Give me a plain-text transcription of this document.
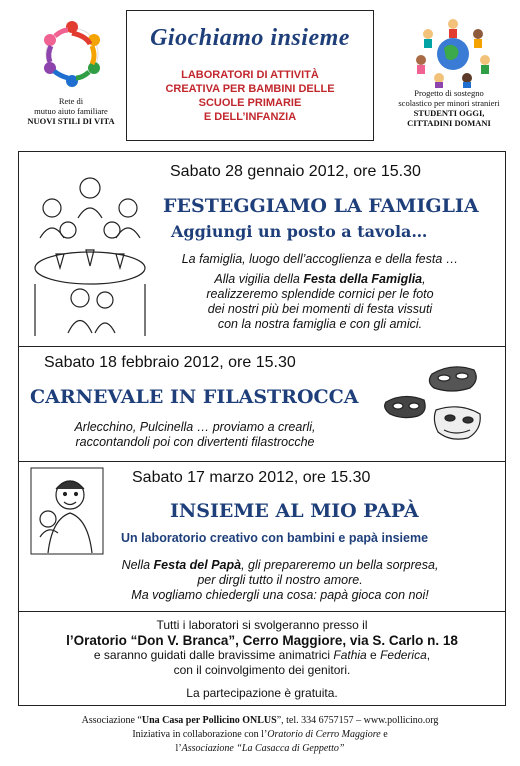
Rete di
mutuo aiuto familiare
NUOVI STILI DI VITA
Giochiamo insieme
LABORATORI DI ATTIVITÀ
CREATIVA PER BAMBINI DELLE
SCUOLE PRIMARIE
E DELL’INFANZIA
Progetto di sostegno
scolastico per minori stranieri
STUDENTI OGGI,
CITTADINI DOMANI
Sabato 28 gennaio 2012, ore 15.30
FESTEGGIAMO LA FAMIGLIA
Aggiungi un posto a tavola…
La famiglia, luogo dell’accoglienza e della festa …
Alla vigilia della Festa della Famiglia,
realizzeremo splendide cornici per le foto
dei nostri più bei momenti di festa vissuti
con la nostra famiglia e con gli amici.
Sabato 18 febbraio 2012, ore 15.30
CARNEVALE IN FILASTROCCA
Arlecchino, Pulcinella … proviamo a crearli,
raccontandoli poi con divertenti filastrocche
Sabato 17 marzo 2012, ore 15.30
INSIEME AL MIO PAPÀ
Un laboratorio creativo con bambini e papà insieme
Nella Festa del Papà, gli prepareremo un bella sorpresa,
per dirgli tutto il nostro amore.
Ma vogliamo chiedergli una cosa: papà gioca con noi!
Tutti i laboratori si svolgeranno presso il
l’Oratorio “Don V. Branca”, Cerro Maggiore, via S. Carlo n. 18
e saranno guidati dalle bravissime animatrici Fathia e Federica,
con il coinvolgimento dei genitori.
La partecipazione è gratuita.
Associazione “Una Casa per Pollicino ONLUS”, tel. 334 6757157 – www.pollicino.org
Iniziativa in collaborazione con l’Oratorio di Cerro Maggiore e
l’Associazione “La Casacca di Geppetto”
